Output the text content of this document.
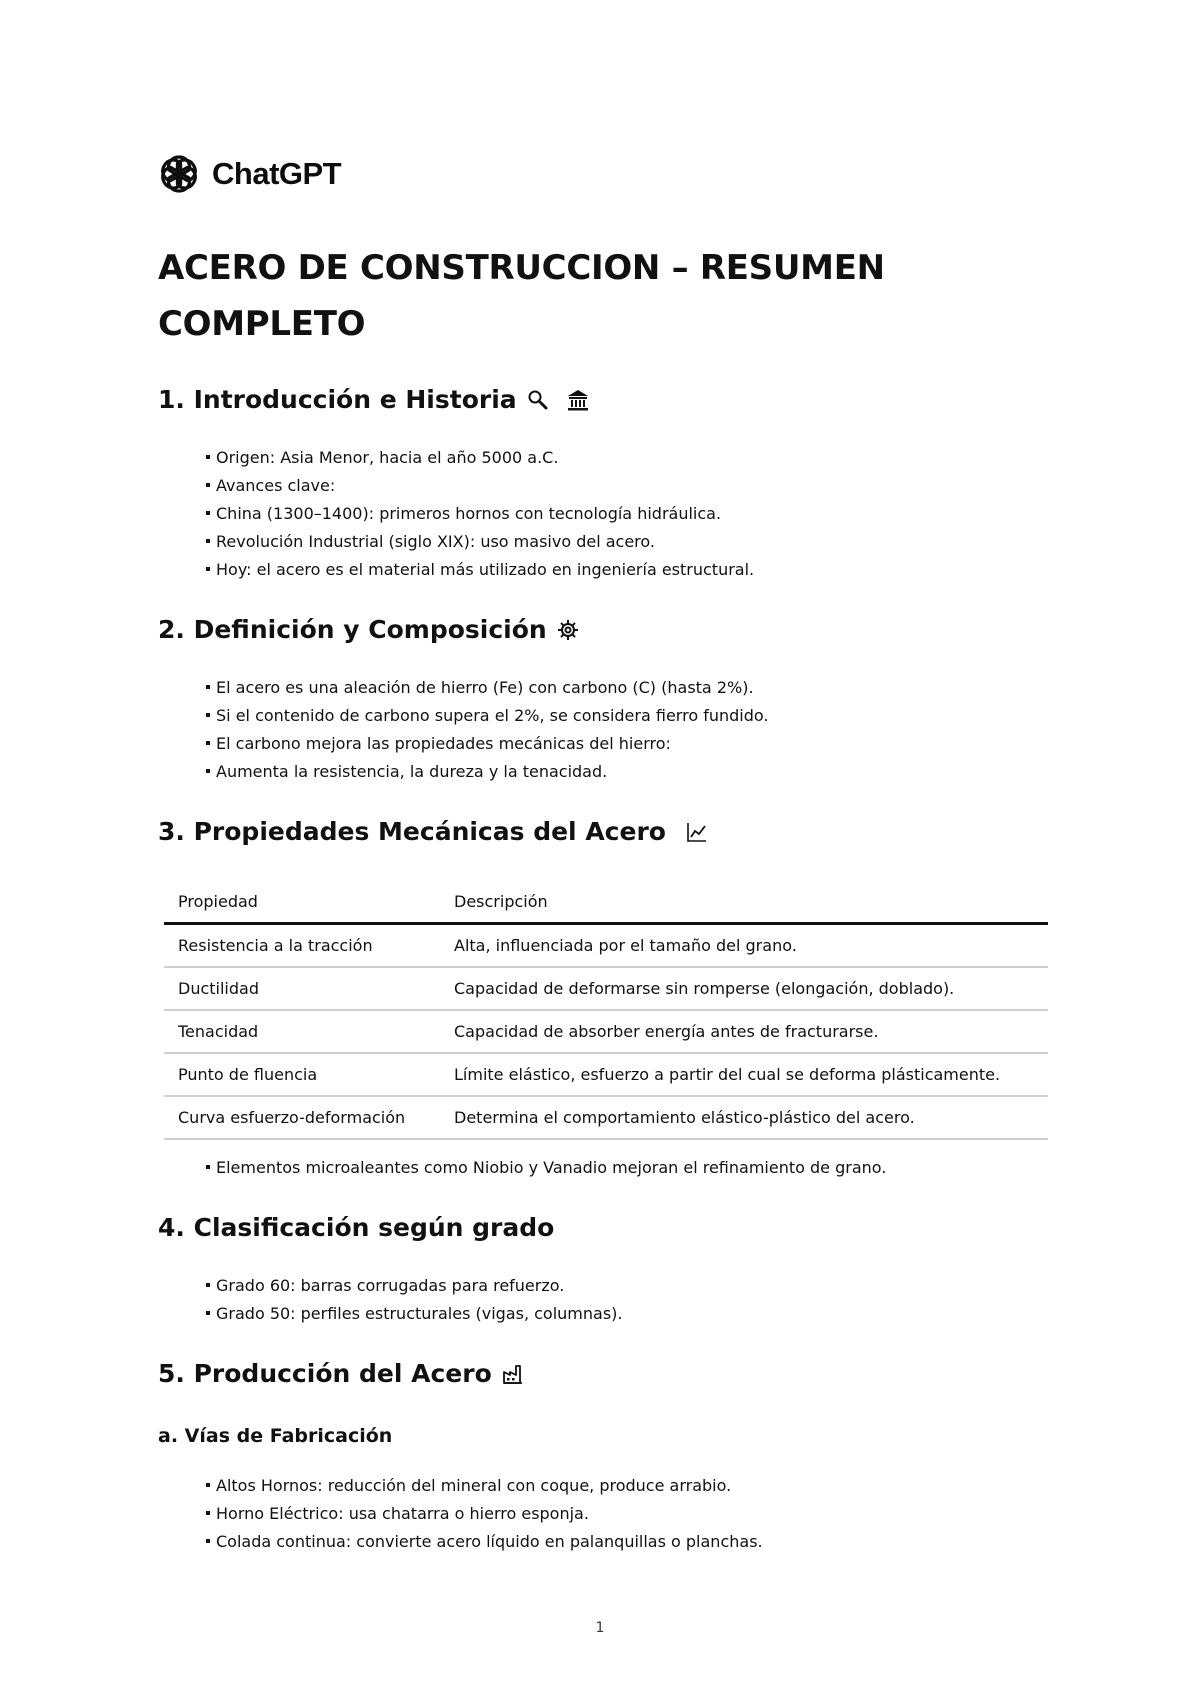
ChatGPT
ACERO DE CONSTRUCCION – RESUMEN COMPLETO
1. Introducción e Historia
Origen: Asia Menor, hacia el año 5000 a.C.
Avances clave:
China (1300–1400): primeros hornos con tecnología hidráulica.
Revolución Industrial (siglo XIX): uso masivo del acero.
Hoy: el acero es el material más utilizado en ingeniería estructural.
2. Definición y Composición
El acero es una aleación de hierro (Fe) con carbono (C) (hasta 2%).
Si el contenido de carbono supera el 2%, se considera fierro fundido.
El carbono mejora las propiedades mecánicas del hierro:
Aumenta la resistencia, la dureza y la tenacidad.
3. Propiedades Mecánicas del Acero
Propiedad	Descripción
Resistencia a la tracción	Alta, influenciada por el tamaño del grano.
Ductilidad	Capacidad de deformarse sin romperse (elongación, doblado).
Tenacidad	Capacidad de absorber energía antes de fracturarse.
Punto de fluencia	Límite elástico, esfuerzo a partir del cual se deforma plásticamente.
Curva esfuerzo-deformación	Determina el comportamiento elástico-plástico del acero.
Elementos microaleantes como Niobio y Vanadio mejoran el refinamiento de grano.
4. Clasificación según grado
Grado 60: barras corrugadas para refuerzo.
Grado 50: perfiles estructurales (vigas, columnas).
5. Producción del Acero
a. Vías de Fabricación
Altos Hornos: reducción del mineral con coque, produce arrabio.
Horno Eléctrico: usa chatarra o hierro esponja.
Colada continua: convierte acero líquido en palanquillas o planchas.
1
